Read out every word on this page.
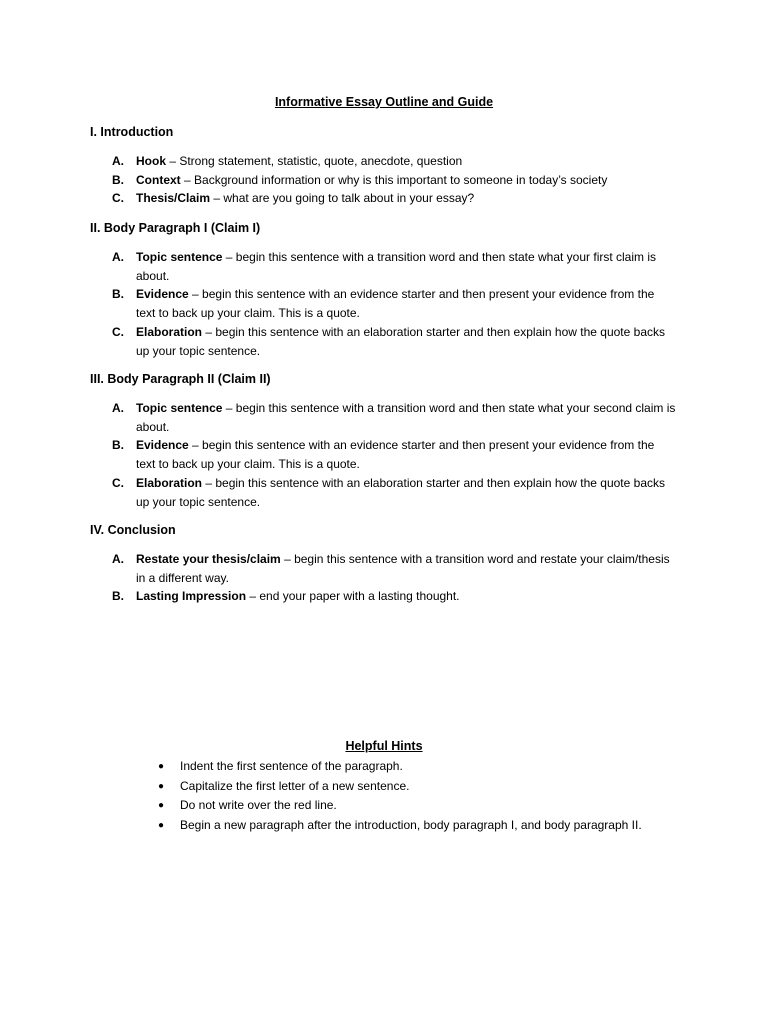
Informative Essay Outline and Guide

I. Introduction

A.	Hook – Strong statement, statistic, quote, anecdote, question
B.	Context – Background information or why is this important to someone in today’s society
C.	Thesis/Claim – what are you going to talk about in your essay?

II. Body Paragraph I (Claim I)

A.	Topic sentence – begin this sentence with a transition word and then state what your first claim is about.
B.	Evidence – begin this sentence with an evidence starter and then present your evidence from the text to back up your claim. This is a quote.
C.	Elaboration – begin this sentence with an elaboration starter and then explain how the quote backs up your topic sentence.

III. Body Paragraph II (Claim II)

A.	Topic sentence – begin this sentence with a transition word and then state what your second claim is about.
B.	Evidence – begin this sentence with an evidence starter and then present your evidence from the text to back up your claim. This is a quote.
C.	Elaboration – begin this sentence with an elaboration starter and then explain how the quote backs up your topic sentence.

IV. Conclusion

A.	Restate your thesis/claim – begin this sentence with a transition word and restate your claim/thesis in a different way.
B.	Lasting Impression – end your paper with a lasting thought.
Helpful Hints
●	Indent the first sentence of the paragraph.
●	Capitalize the first letter of a new sentence.
●	Do not write over the red line.
●	Begin a new paragraph after the introduction, body paragraph I, and body paragraph II.
